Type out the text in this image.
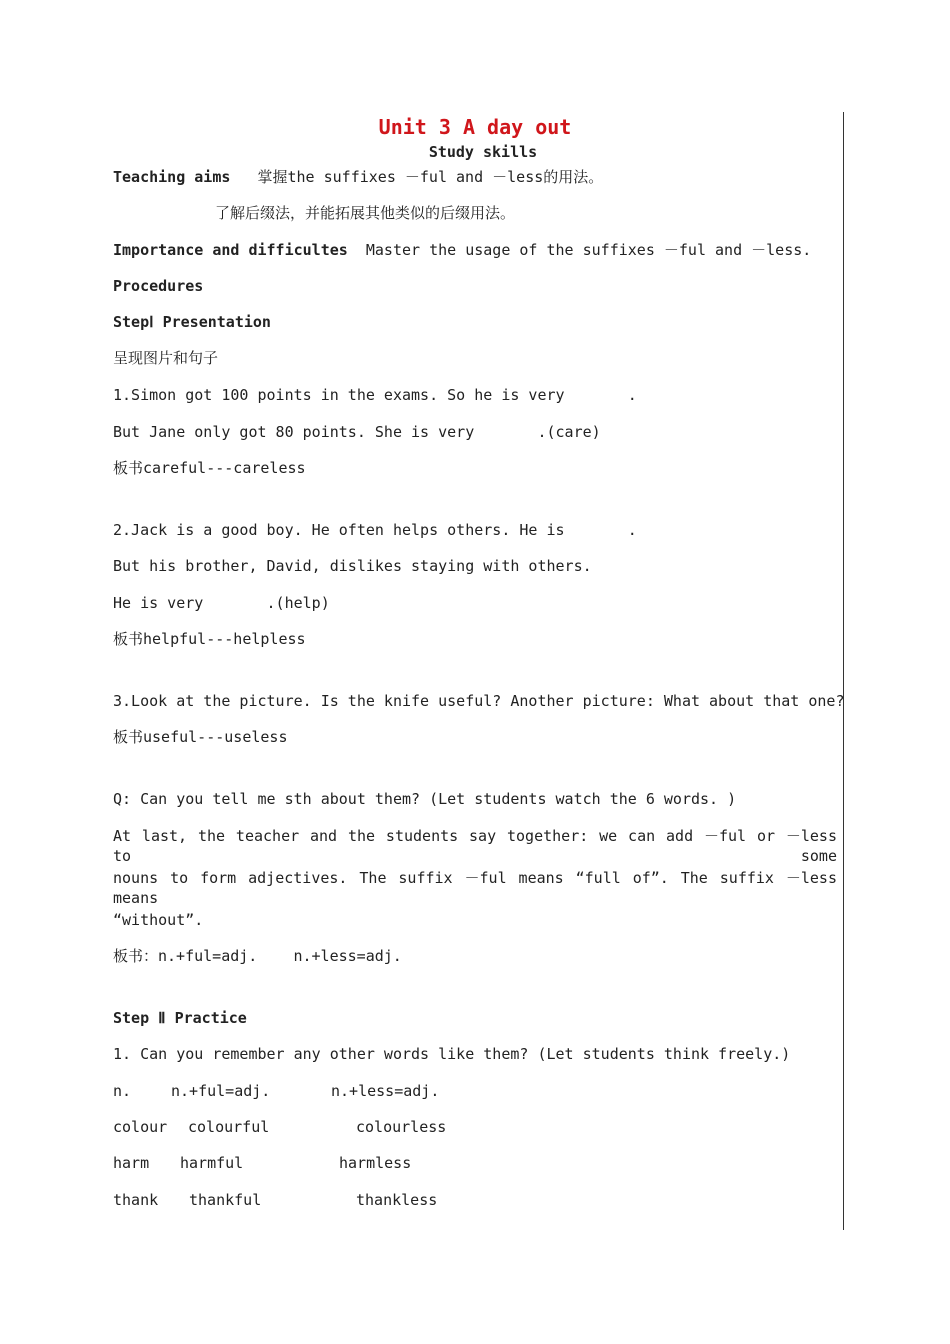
Unit 3 A day out
Study skills
Teaching aims 掌握the suffixes －ful and －less的用法。
了解后缀法，并能拓展其他类似的后缀用法。
Importance and difficultes Master the usage of the suffixes －ful and －less.
Procedures
StepⅠ Presentation
呈现图片和句子
1.Simon got 100 points in the exams. So he is very       .
But Jane only got 80 points. She is very       .(care)
板书careful---careless
2.Jack is a good boy. He often helps others. He is       .
But his brother, David, dislikes staying with others.
He is very       .(help)
板书helpful---helpless
3.Look at the picture. Is the knife useful? Another picture: What about that one?
板书useful---useless
Q: Can you tell me sth about them? (Let students watch the 6 words. )
At last, the teacher and the students say together: we can add －ful or －less to some
nouns to form adjectives. The suffix －ful means “full of”. The suffix －less means
“without”.
板书：n.+ful=adj.    n.+less=adj.
Step Ⅱ Practice
1. Can you remember any other words like them? (Let students think freely.)
n.	n.+ful=adj.	n.+less=adj.
colour colourful	colourless
harm harmful	harmless
thank thankful	thankless
